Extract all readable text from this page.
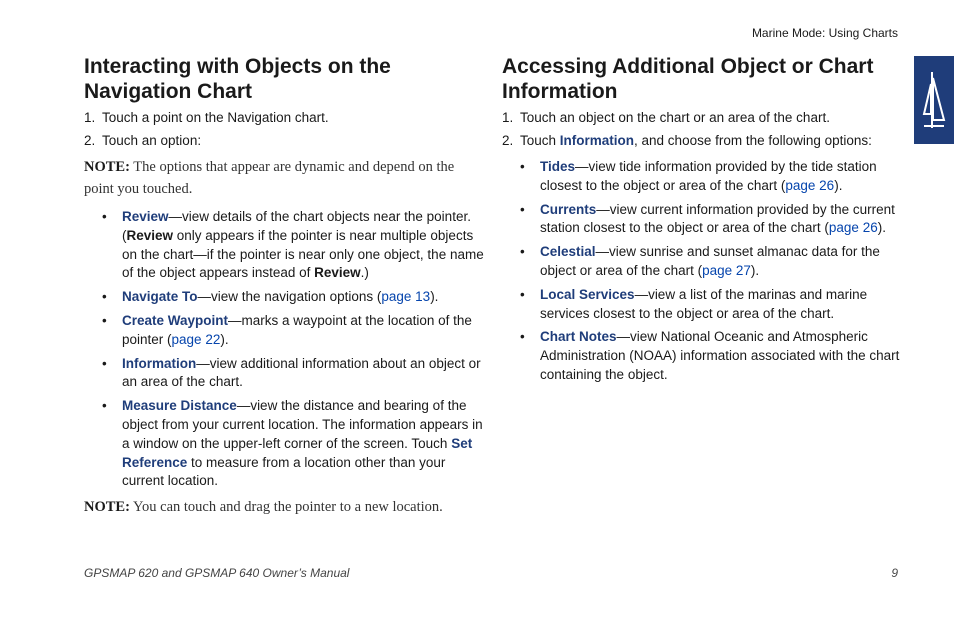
Marine Mode: Using Charts
Interacting with Objects on the Navigation Chart
1. Touch a point on the Navigation chart.
2. Touch an option:
NOTE: The options that appear are dynamic and depend on the point you touched.
• Review—view details of the chart objects near the pointer. (Review only appears if the pointer is near multiple objects on the chart—if the pointer is near only one object, the name of the object appears instead of Review.)
• Navigate To—view the navigation options (page 13).
• Create Waypoint—marks a waypoint at the location of the pointer (page 22).
• Information—view additional information about an object or an area of the chart.
• Measure Distance—view the distance and bearing of the object from your current location. The information appears in a window on the upper-left corner of the screen. Touch Set Reference to measure from a location other than your current location.
NOTE: You can touch and drag the pointer to a new location.
Accessing Additional Object or Chart Information
1. Touch an object on the chart or an area of the chart.
2. Touch Information, and choose from the following options:
• Tides—view tide information provided by the tide station closest to the object or area of the chart (page 26).
• Currents—view current information provided by the current station closest to the object or area of the chart (page 26).
• Celestial—view sunrise and sunset almanac data for the object or area of the chart (page 27).
• Local Services—view a list of the marinas and marine services closest to the object or area of the chart.
• Chart Notes—view National Oceanic and Atmospheric Administration (NOAA) information associated with the chart containing the object.
GPSMAP 620 and GPSMAP 640 Owner’s Manual	9
